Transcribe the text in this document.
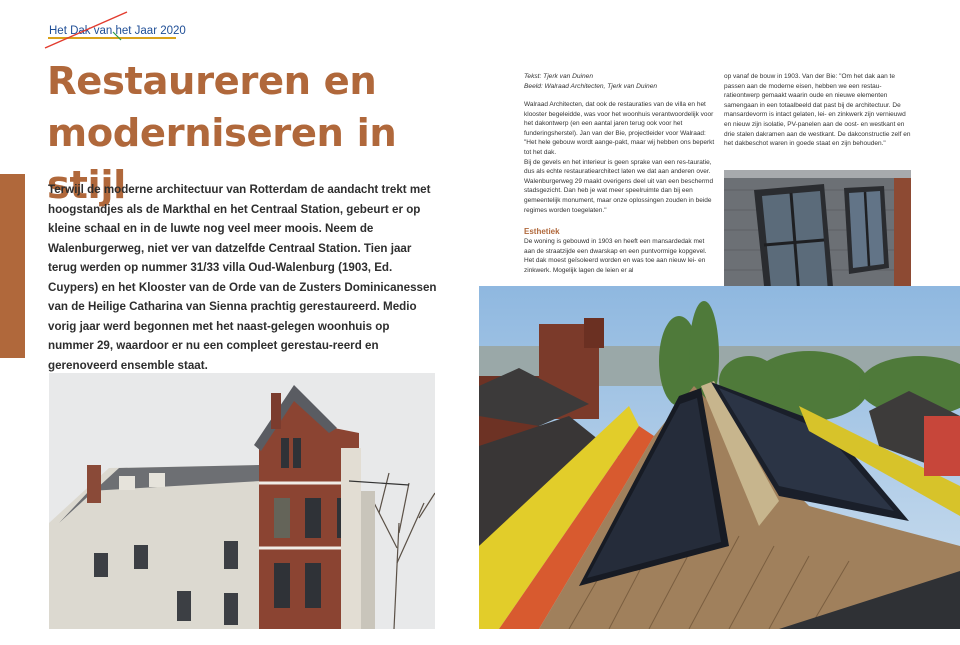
Het Dak van het Jaar 2020
Restaureren en
moderniseren in stijl
Terwijl de moderne architectuur van Rotterdam de aandacht trekt met hoogstandjes als de Markthal en het Centraal Station, gebeurt er op kleine schaal en in de luwte nog veel meer moois. Neem de Walenburgerweg, niet ver van datzelfde Centraal Station. Tien jaar terug werden op nummer 31/33 villa Oud-Walenburg (1903, Ed. Cuypers) en het Klooster van de Orde van de Zusters Dominicanessen van de Heilige Catharina van Sienna prachtig gerestaureerd. Medio vorig jaar werd begonnen met het naast-gelegen woonhuis op nummer 29, waardoor er nu een compleet gerestau-reerd en gerenoveerd ensemble staat.
Tekst: Tjerk van Duinen
Beeld: Walraad Architecten, Tjerk van Duinen
Walraad Architecten, dat ook de restauraties van de villa en het klooster begeleidde, was voor het woonhuis verantwoordelijk voor het dakontwerp (en een aantal jaren terug ook voor het funderingsherstel). Jan van der Bie, projectleider voor Walraad: "Het hele gebouw wordt aange-pakt, maar wij hebben ons beperkt tot het dak.
Bij de gevels en het interieur is geen sprake van een res-tauratie, dus als echte restauratiearchitect laten we dat aan anderen over. Walenburgerweg 29 maakt overigens deel uit van een beschermd stadsgezicht. Dan heb je wat meer speelruimte dan bij een gemeentelijk monument, maar onze oplossingen zouden in beide regimes worden toegelaten."
Esthetiek
De woning is gebouwd in 1903 en heeft een mansardedak met aan de straatzijde een dwarskap en een puntvormige kopgevel. Het dak moest geïsoleerd worden en was toe aan nieuw lei- en zinkwerk. Mogelijk lagen de leien er al
op vanaf de bouw in 1903. Van der Bie: "Om het dak aan te passen aan de moderne eisen, hebben we een restau-ratieontwerp gemaakt waarin oude en nieuwe elementen samengaan in een totaalbeeld dat past bij de architectuur. De mansardevorm is intact gelaten, lei- en zinkwerk zijn vernieuwd en nieuw zijn isolatie, PV-panelen aan de oost- en westkant en drie stalen dakramen aan de westkant. De dakconstructie zelf en het dakbeschot waren in goede staat en zijn behouden."
